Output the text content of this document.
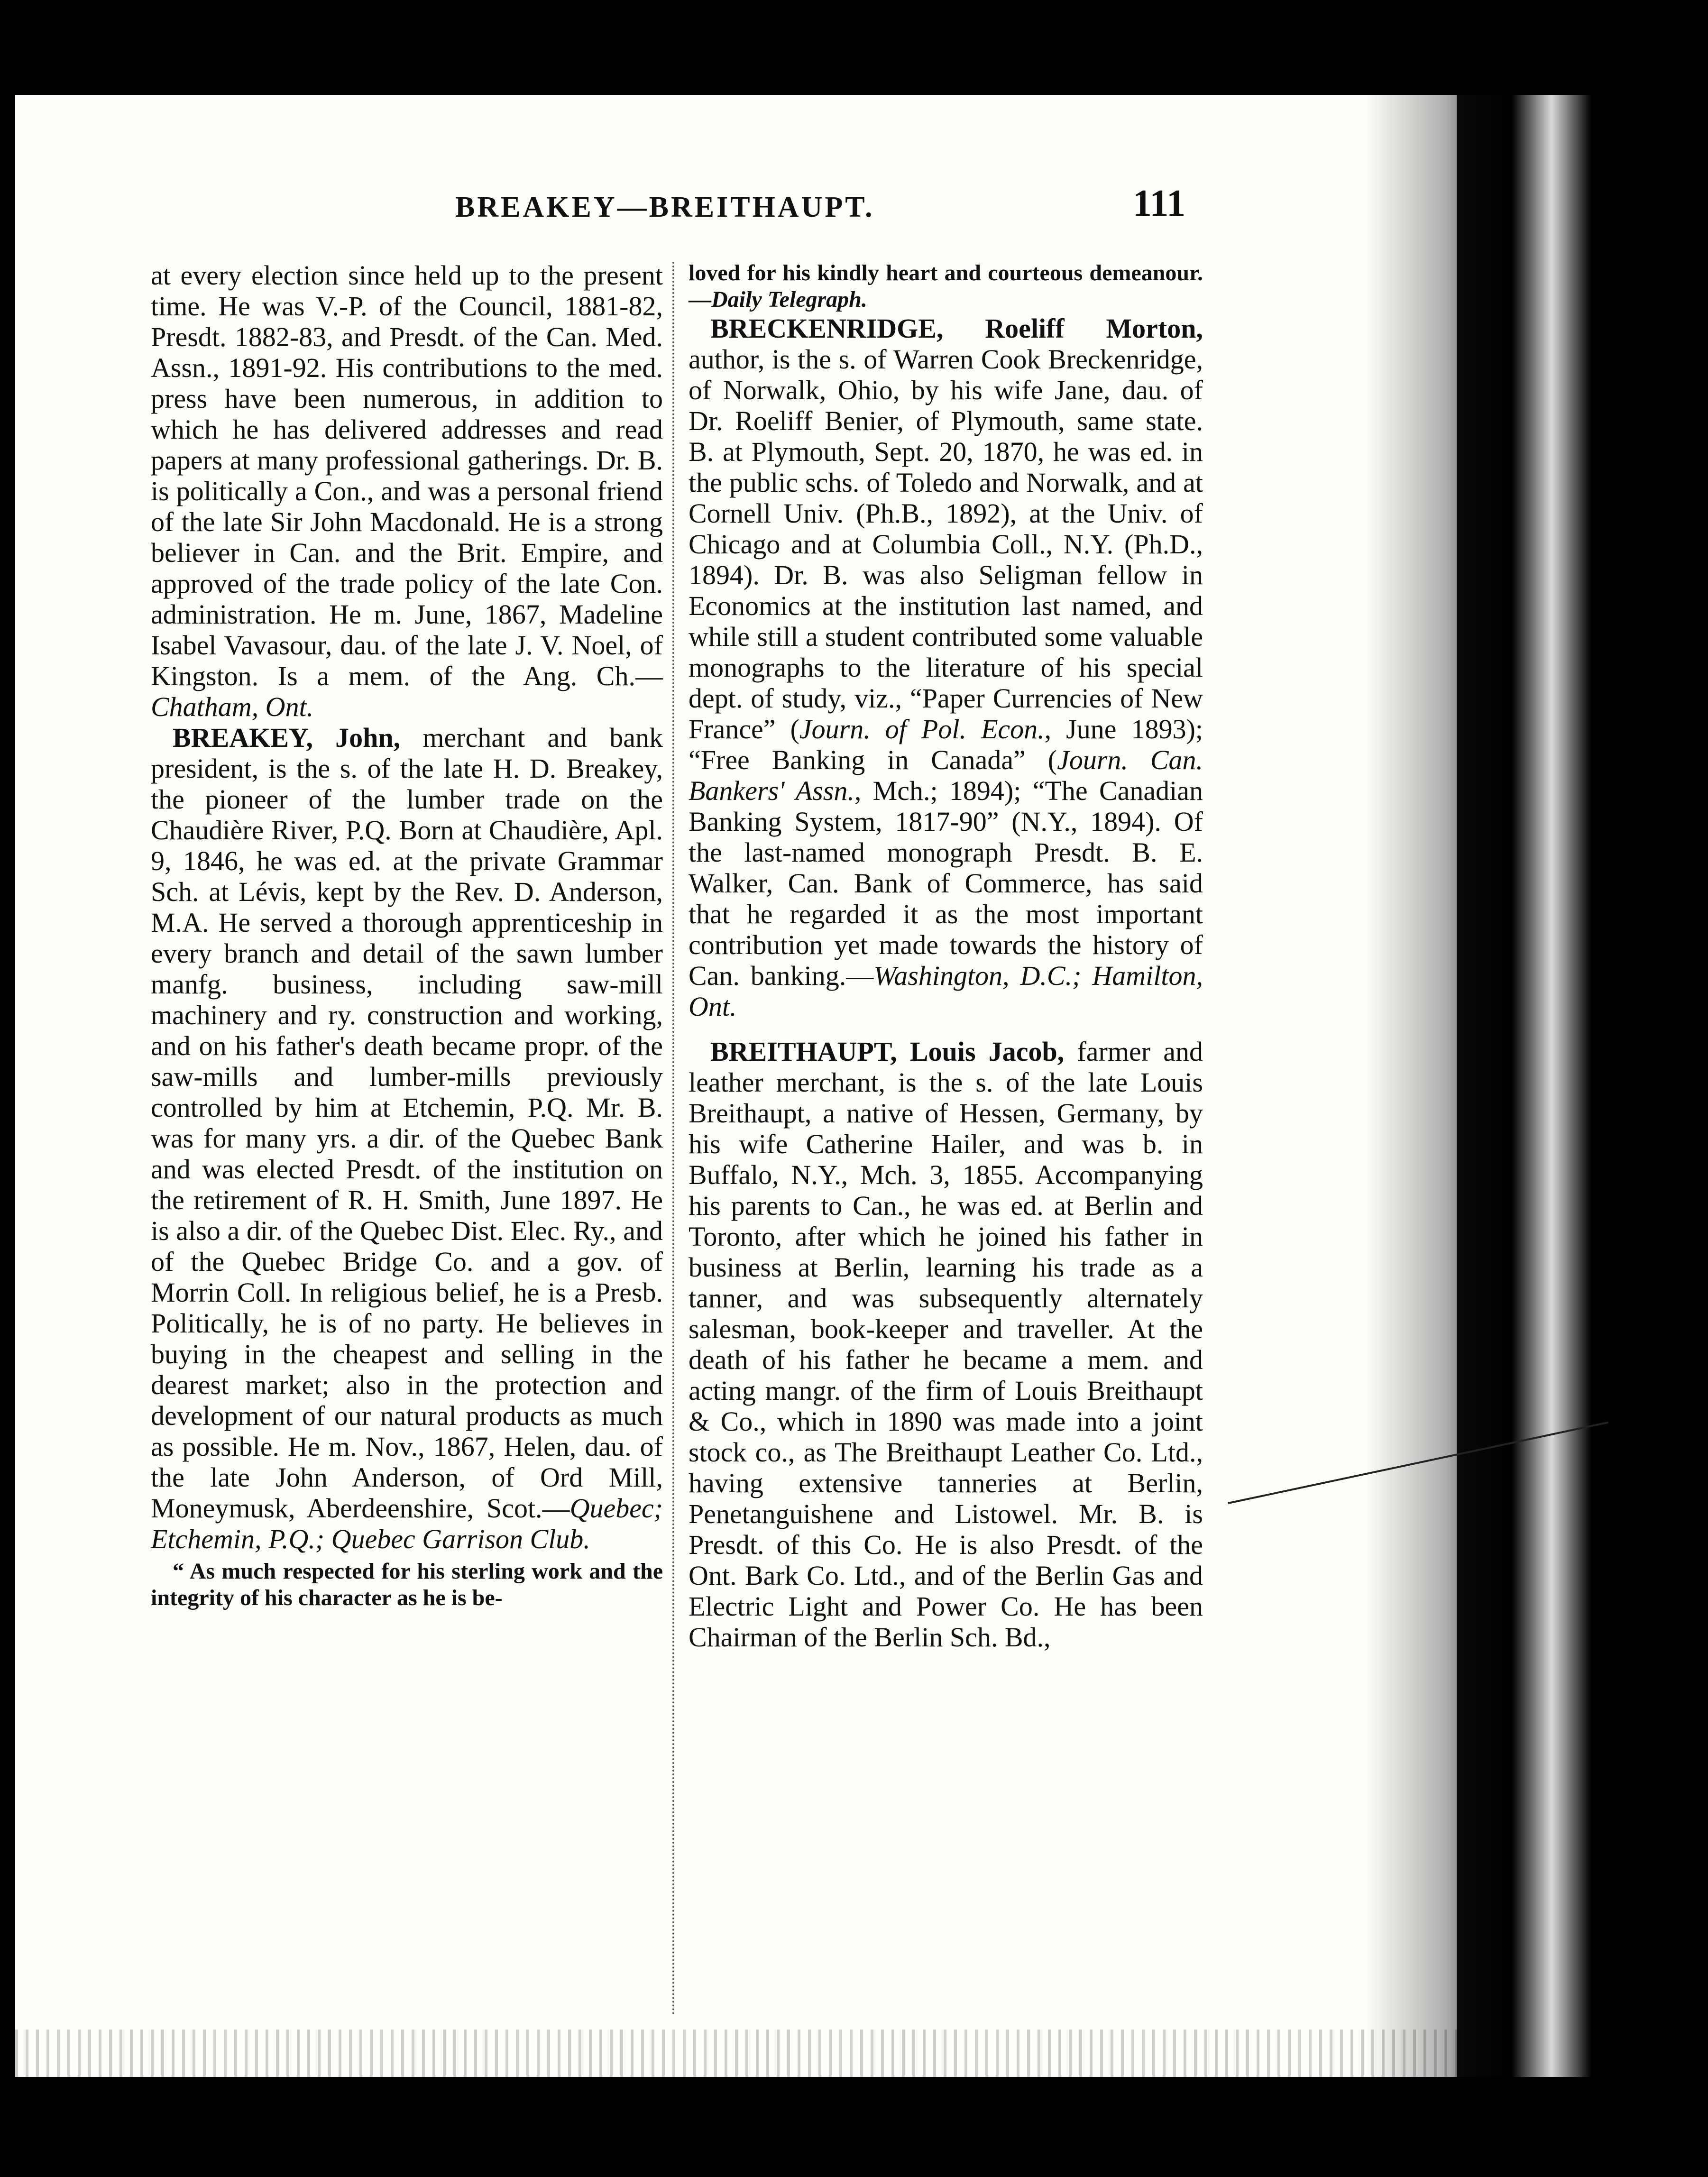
BREAKEY—BREITHAUPT.	111

at every election since held up to the present time. He was V.-P. of the Council, 1881-82, Presdt. 1882-83, and Presdt. of the Can. Med. Assn., 1891-92. His contributions to the med. press have been numerous, in addition to which he has delivered addresses and read papers at many professional gatherings. Dr. B. is politically a Con., and was a personal friend of the late Sir John Macdonald. He is a strong believer in Can. and the Brit. Empire, and approved of the trade policy of the late Con. administration. He m. June, 1867, Madeline Isabel Vavasour, dau. of the late J. V. Noel, of Kingston. Is a mem. of the Ang. Ch.—Chatham, Ont.

BREAKEY, John, merchant and bank president, is the s. of the late H. D. Breakey, the pioneer of the lumber trade on the Chaudière River, P.Q. Born at Chaudière, Apl. 9, 1846, he was ed. at the private Grammar Sch. at Lévis, kept by the Rev. D. Anderson, M.A. He served a thorough apprenticeship in every branch and detail of the sawn lumber manfg. business, including saw-mill machinery and ry. construction and working, and on his father's death became propr. of the saw-mills and lumber-mills previously controlled by him at Etchemin, P.Q. Mr. B. was for many yrs. a dir. of the Quebec Bank and was elected Presdt. of the institution on the retirement of R. H. Smith, June 1897. He is also a dir. of the Quebec Dist. Elec. Ry., and of the Quebec Bridge Co. and a gov. of Morrin Coll. In religious belief, he is a Presb. Politically, he is of no party. He believes in buying in the cheapest and selling in the dearest market; also in the protection and development of our natural products as much as possible. He m. Nov., 1867, Helen, dau. of the late John Anderson, of Ord Mill, Moneymusk, Aberdeenshire, Scot.—Quebec; Etchemin, P.Q.; Quebec Garrison Club.

“ As much respected for his sterling work and the integrity of his character as he is be-

loved for his kindly heart and courteous demeanour.—Daily Telegraph.

BRECKENRIDGE, Roeliff Morton, author, is the s. of Warren Cook Breckenridge, of Norwalk, Ohio, by his wife Jane, dau. of Dr. Roeliff Benier, of Plymouth, same state. B. at Plymouth, Sept. 20, 1870, he was ed. in the public schs. of Toledo and Norwalk, and at Cornell Univ. (Ph.B., 1892), at the Univ. of Chicago and at Columbia Coll., N.Y. (Ph.D., 1894). Dr. B. was also Seligman fellow in Economics at the institution last named, and while still a student contributed some valuable monographs to the literature of his special dept. of study, viz., “Paper Currencies of New France” (Journ. of Pol. Econ., June 1893); “Free Banking in Canada” (Journ. Can. Bankers' Assn., Mch.; 1894); “The Canadian Banking System, 1817-90” (N.Y., 1894). Of the last-named monograph Presdt. B. E. Walker, Can. Bank of Commerce, has said that he regarded it as the most important contribution yet made towards the history of Can. banking.—Washington, D.C.; Hamilton, Ont.

BREITHAUPT, Louis Jacob, farmer and leather merchant, is the s. of the late Louis Breithaupt, a native of Hessen, Germany, by his wife Catherine Hailer, and was b. in Buffalo, N.Y., Mch. 3, 1855. Accompanying his parents to Can., he was ed. at Berlin and Toronto, after which he joined his father in business at Berlin, learning his trade as a tanner, and was subsequently alternately salesman, book-keeper and traveller. At the death of his father he became a mem. and acting mangr. of the firm of Louis Breithaupt & Co., which in 1890 was made into a joint stock co., as The Breithaupt Leather Co. Ltd., having extensive tanneries at Berlin, Penetanguishene and Listowel. Mr. B. is Presdt. of this Co. He is also Presdt. of the Ont. Bark Co. Ltd., and of the Berlin Gas and Electric Light and Power Co. He has been Chairman of the Berlin Sch. Bd.,
